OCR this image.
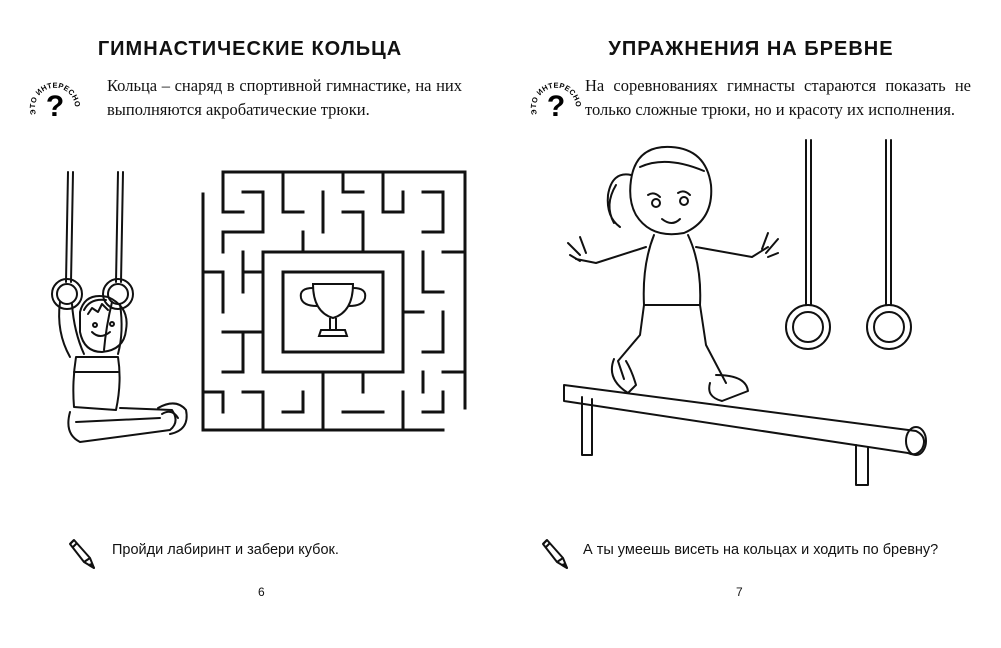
ГИМНАСТИЧЕСКИЕ КОЛЬЦА
ЭТО ИНТЕРЕСНО
?
Кольца – снаряд в спортивной гимнастике, на них выполняются акробатические трюки.
Пройди лабиринт и забери кубок.
6
УПРАЖНЕНИЯ НА БРЕВНЕ
ЭТО ИНТЕРЕСНО
?
На соревнованиях гимнасты стараются показать не только сложные трюки, но и красоту их исполнения.
А ты умеешь висеть на кольцах и ходить по бревну?
7
